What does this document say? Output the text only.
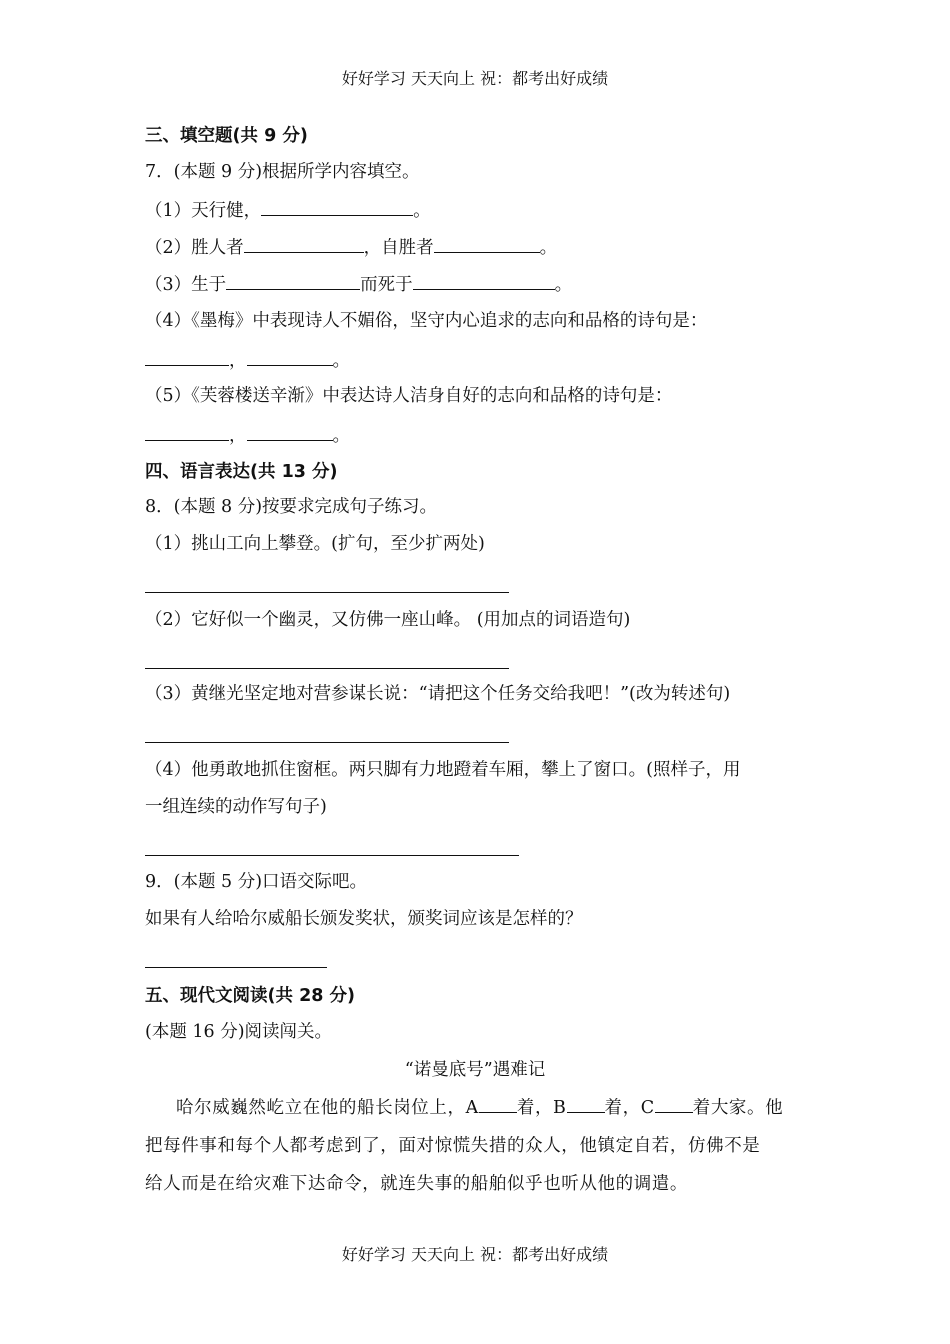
好好学习 天天向上 祝：都考出好成绩
三、填空题(共 9 分)
7．(本题 9 分)根据所学内容填空。
（1）天行健，	。
（2）胜人者	，自胜者	。
（3）生于	而死于	。
（4）《墨梅》中表现诗人不媚俗，坚守内心追求的志向和品格的诗句是：
，	。
（5）《芙蓉楼送辛渐》中表达诗人洁身自好的志向和品格的诗句是：
，	。
四、语言表达(共 13 分)
8．(本题 8 分)按要求完成句子练习。
（1）挑山工向上攀登。(扩句，至少扩两处)
（2）它好似一个幽灵，又仿佛一座山峰。 (用加点的词语造句)
（3）黄继光坚定地对营参谋长说：“请把这个任务交给我吧！”(改为转述句)
（4）他勇敢地抓住窗框。两只脚有力地蹬着车厢，攀上了窗口。(照样子，用
一组连续的动作写句子)
9．(本题 5 分)口语交际吧。
如果有人给哈尔威船长颁发奖状，颁奖词应该是怎样的？
五、现代文阅读(共 28 分)
(本题 16 分)阅读闯关。
“诺曼底号”遇难记
哈尔威巍然屹立在他的船长岗位上，A 着，B 着，C 着大家。他
把每件事和每个人都考虑到了，面对惊慌失措的众人，他镇定自若，仿佛不是
给人而是在给灾难下达命令，就连失事的船舶似乎也听从他的调遣。
好好学习 天天向上 祝：都考出好成绩
